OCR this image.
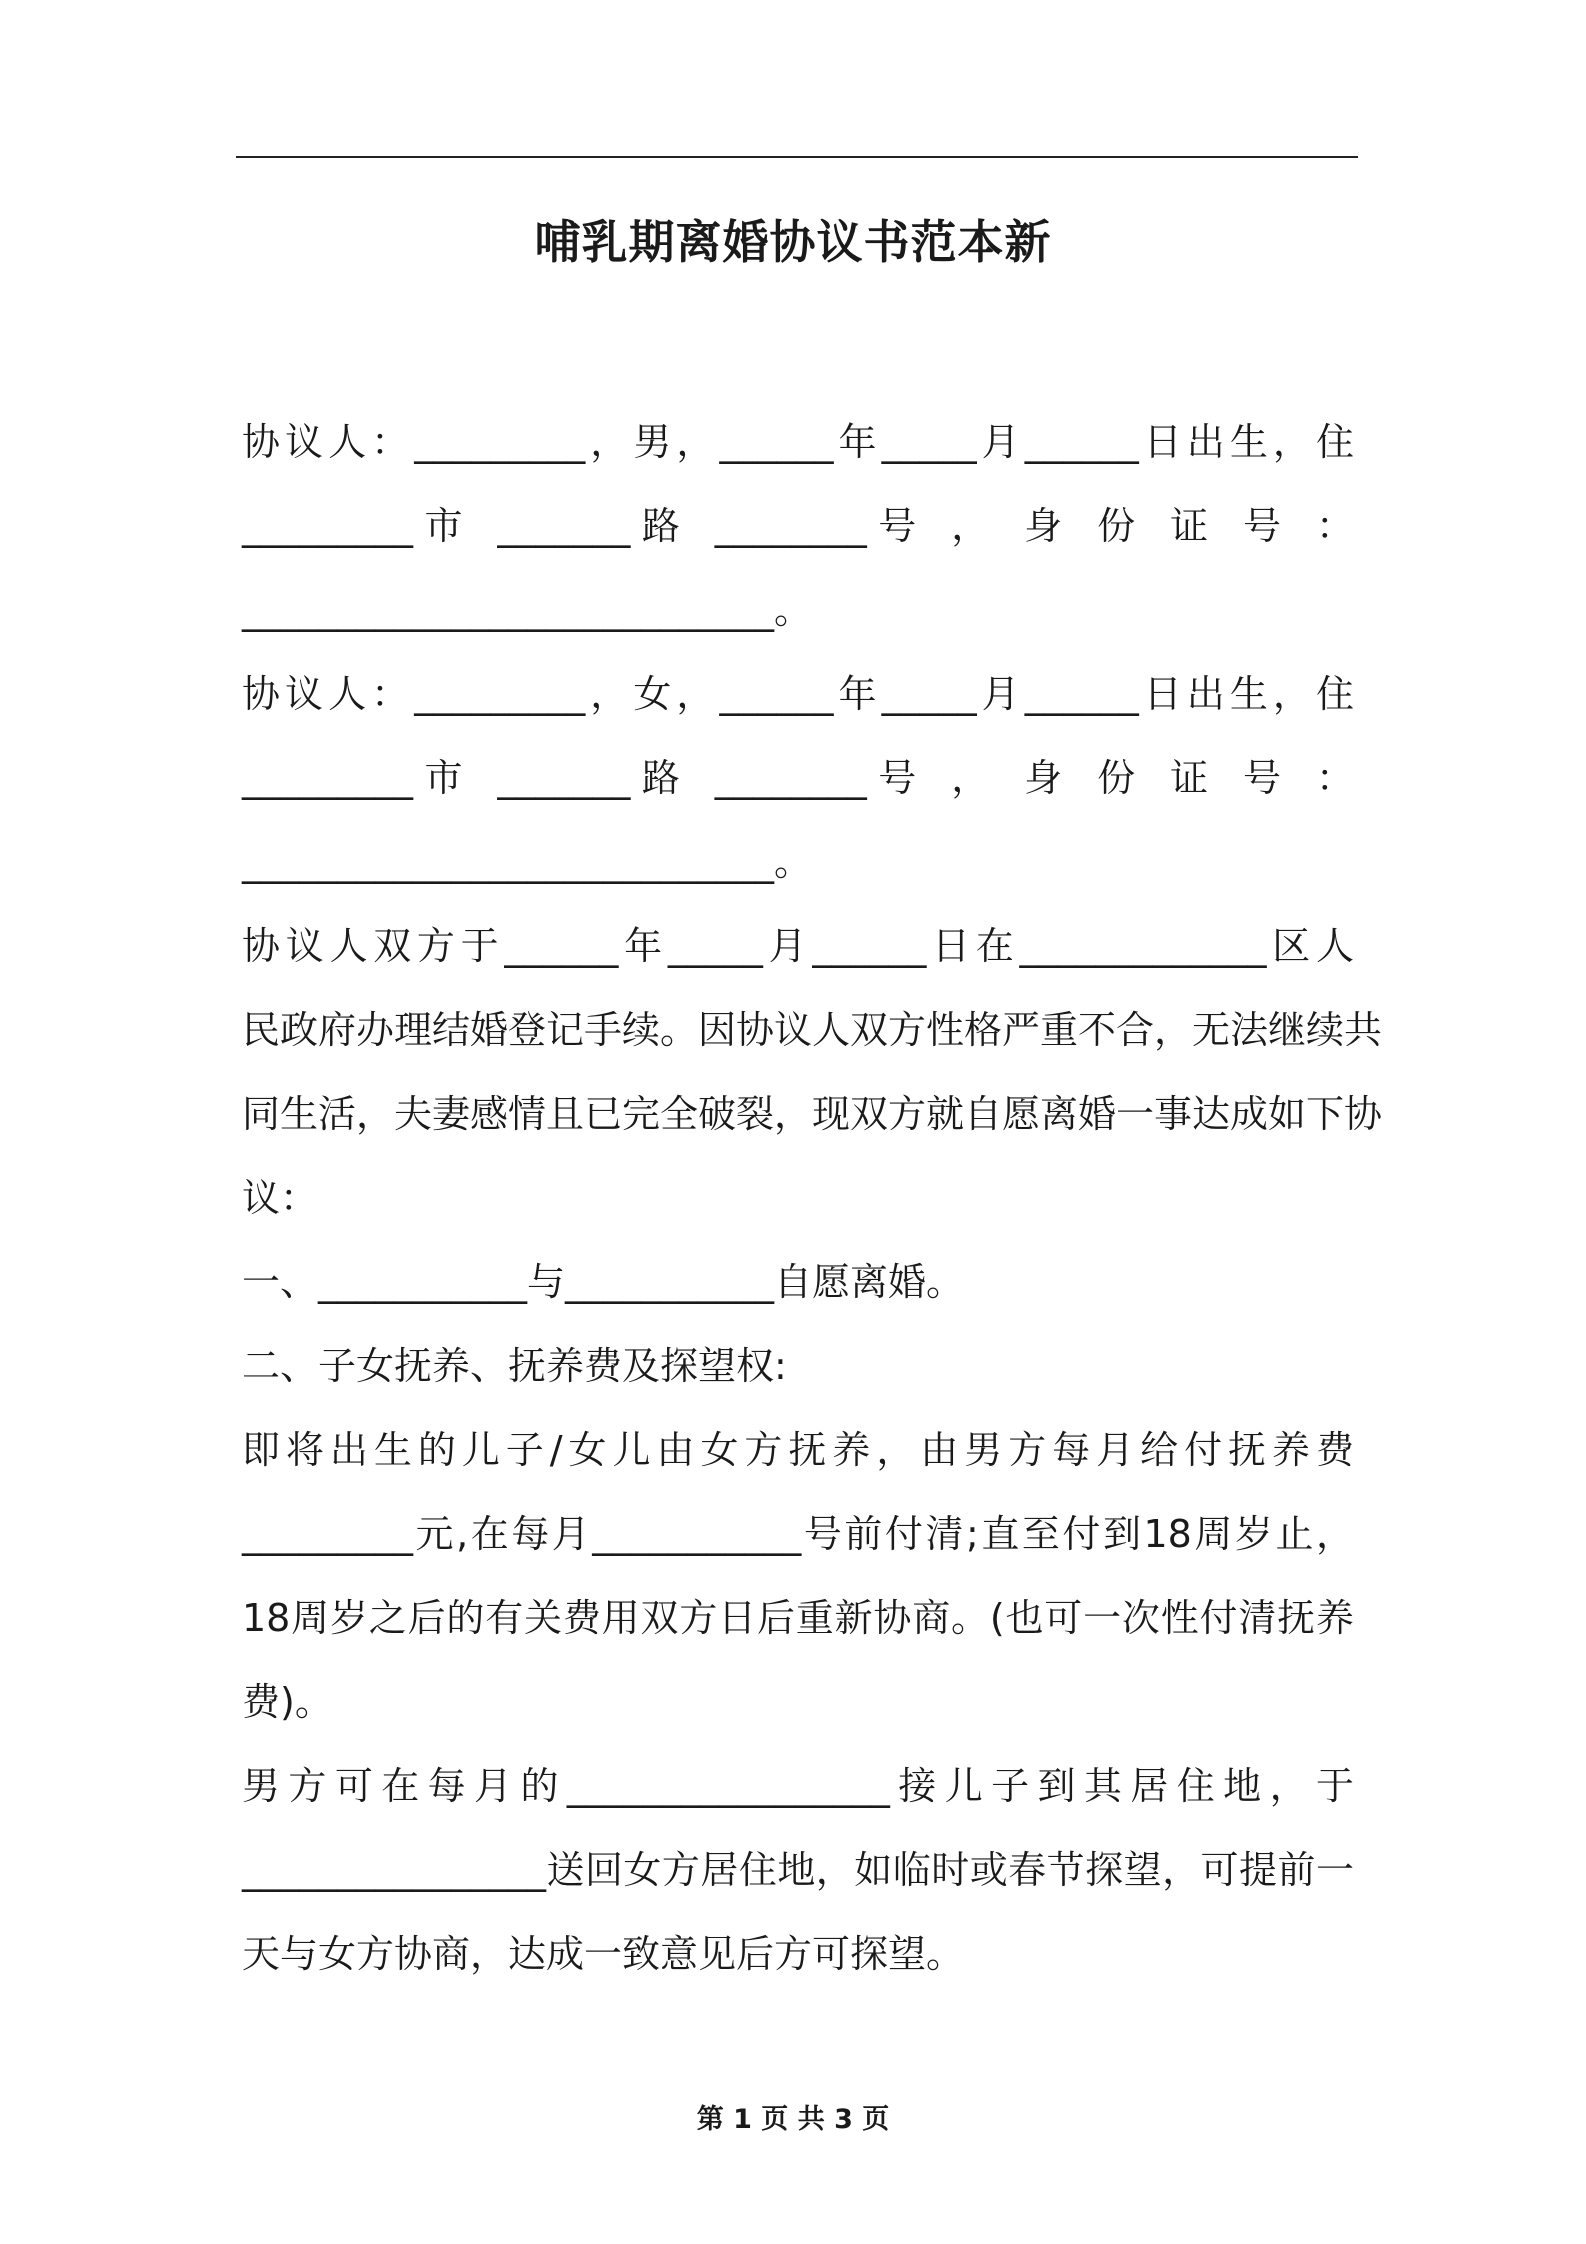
哺乳期离婚协议书范本新
协议人：_________，男，______年_____月______日出生，住
_________市 _______路 ________号 ， 身 份 证 号 ：
____________________________。
协议人：_________，女，______年_____月______日出生，住
_________市 _______路 ________号 ， 身 份 证 号 ：
____________________________。
协议人双方于______年_____月______日在_____________区人
民政府办理结婚登记手续。因协议人双方性格严重不合，无法继续共
同生活，夫妻感情且已完全破裂，现双方就自愿离婚一事达成如下协
议：
一、___________与___________自愿离婚。
二、子女抚养、抚养费及探望权:
即将出生的儿子/女儿由女方抚养，由男方每月给付抚养费
_________元,在每月___________号前付清;直至付到18周岁止，
18周岁之后的有关费用双方日后重新协商。(也可一次性付清抚养
费)。
男方可在每月的_________________接儿子到其居住地，于
________________送回女方居住地，如临时或春节探望，可提前一
天与女方协商，达成一致意见后方可探望。
第 1 页 共 3 页
